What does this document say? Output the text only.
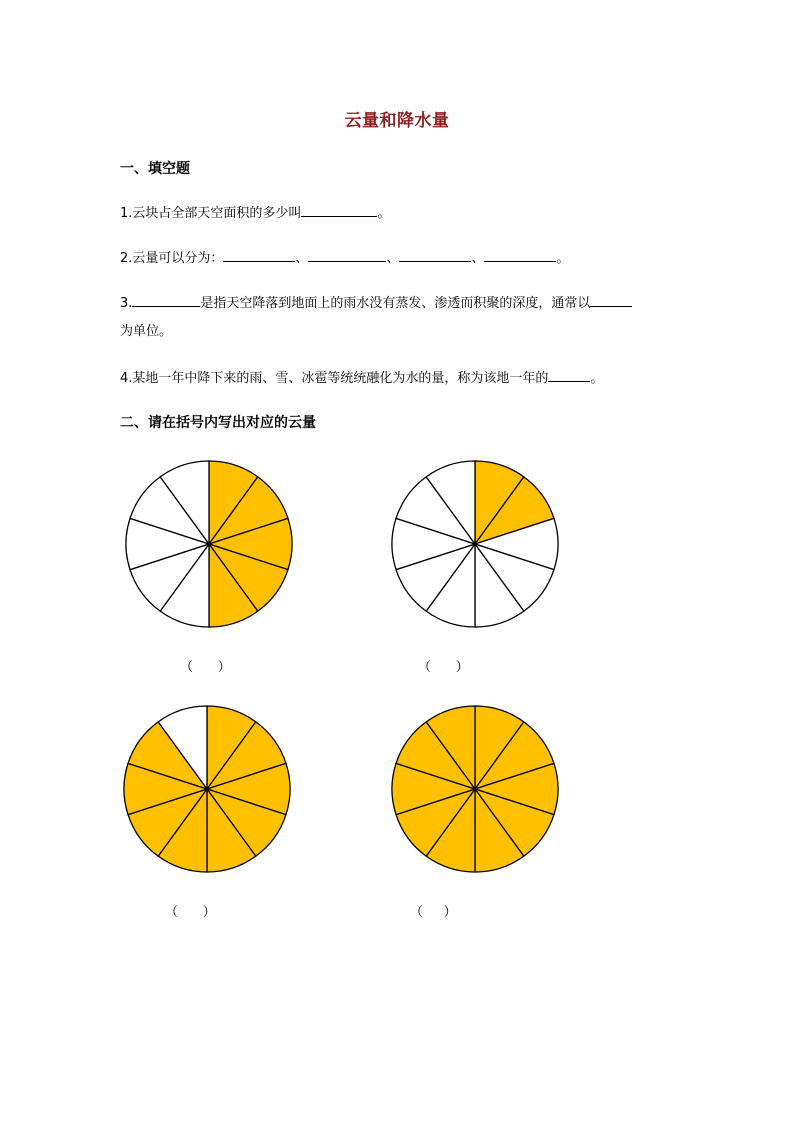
云量和降水量
一、填空题
1.云块占全部天空面积的多少叫	。
2.云量可以分为：	、	、	、	。
3.	是指天空降落到地面上的雨水没有蒸发、渗透而积聚的深度，通常以
为单位。
4.某地一年中降下来的雨、雪、冰雹等统统融化为水的量，称为该地一年的	。
二、请在括号内写出对应的云量
（      ）	（      ）
（      ）	（     ）
